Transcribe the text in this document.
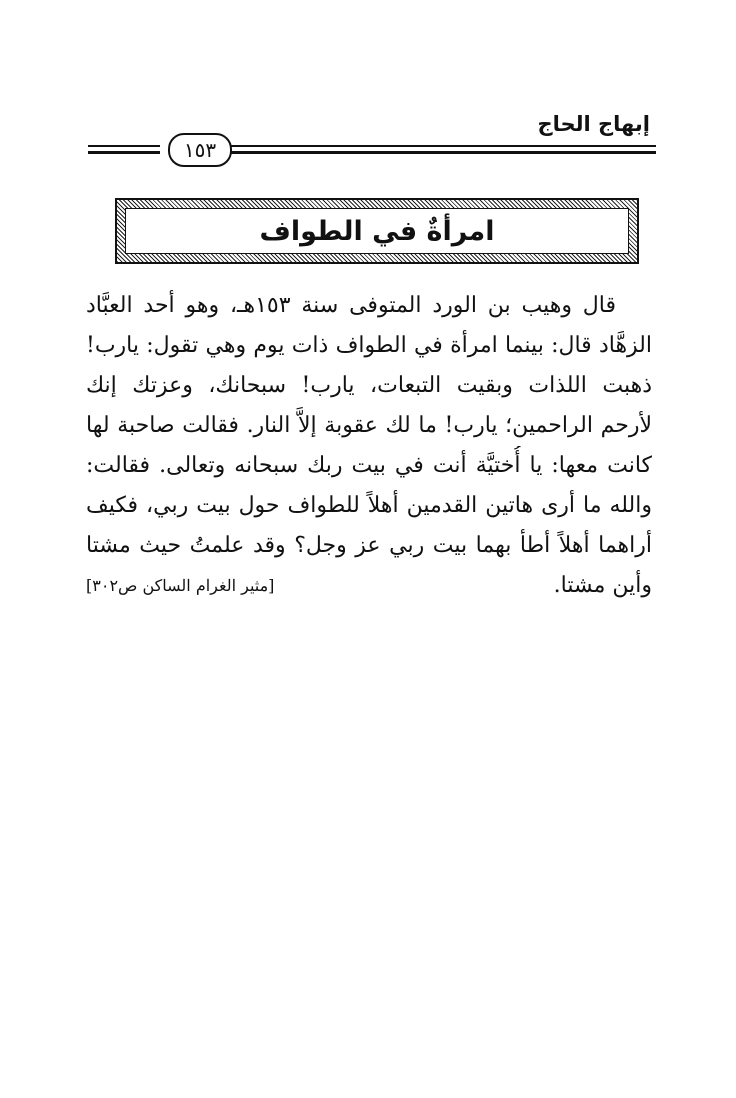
إبهاج الحاج
١٥٣
امرأةٌ في الطواف
قال وهيب بن الورد المتوفى سنة ١٥٣هـ، وهو أحد العبَّاد
الزهَّاد قال: بينما امرأة في الطواف ذات يوم وهي تقول: يارب!
ذهبت اللذات وبقيت التبعات، يارب! سبحانك، وعزتك إنك
لأرحم الراحمين؛ يارب! ما لك عقوبة إلاَّ النار. فقالت صاحبة لها
كانت معها: يا أُختيَّة أنت في بيت ربك سبحانه وتعالى. فقالت:
والله ما أرى هاتين القدمين أهلاً للطواف حول بيت ربي، فكيف
أراهما أهلاً أطأ بهما بيت ربي عز وجل؟ وقد علمتُ حيث مشتا
وأين مشتا.
[مثير الغرام الساكن ص٣٠٢]
